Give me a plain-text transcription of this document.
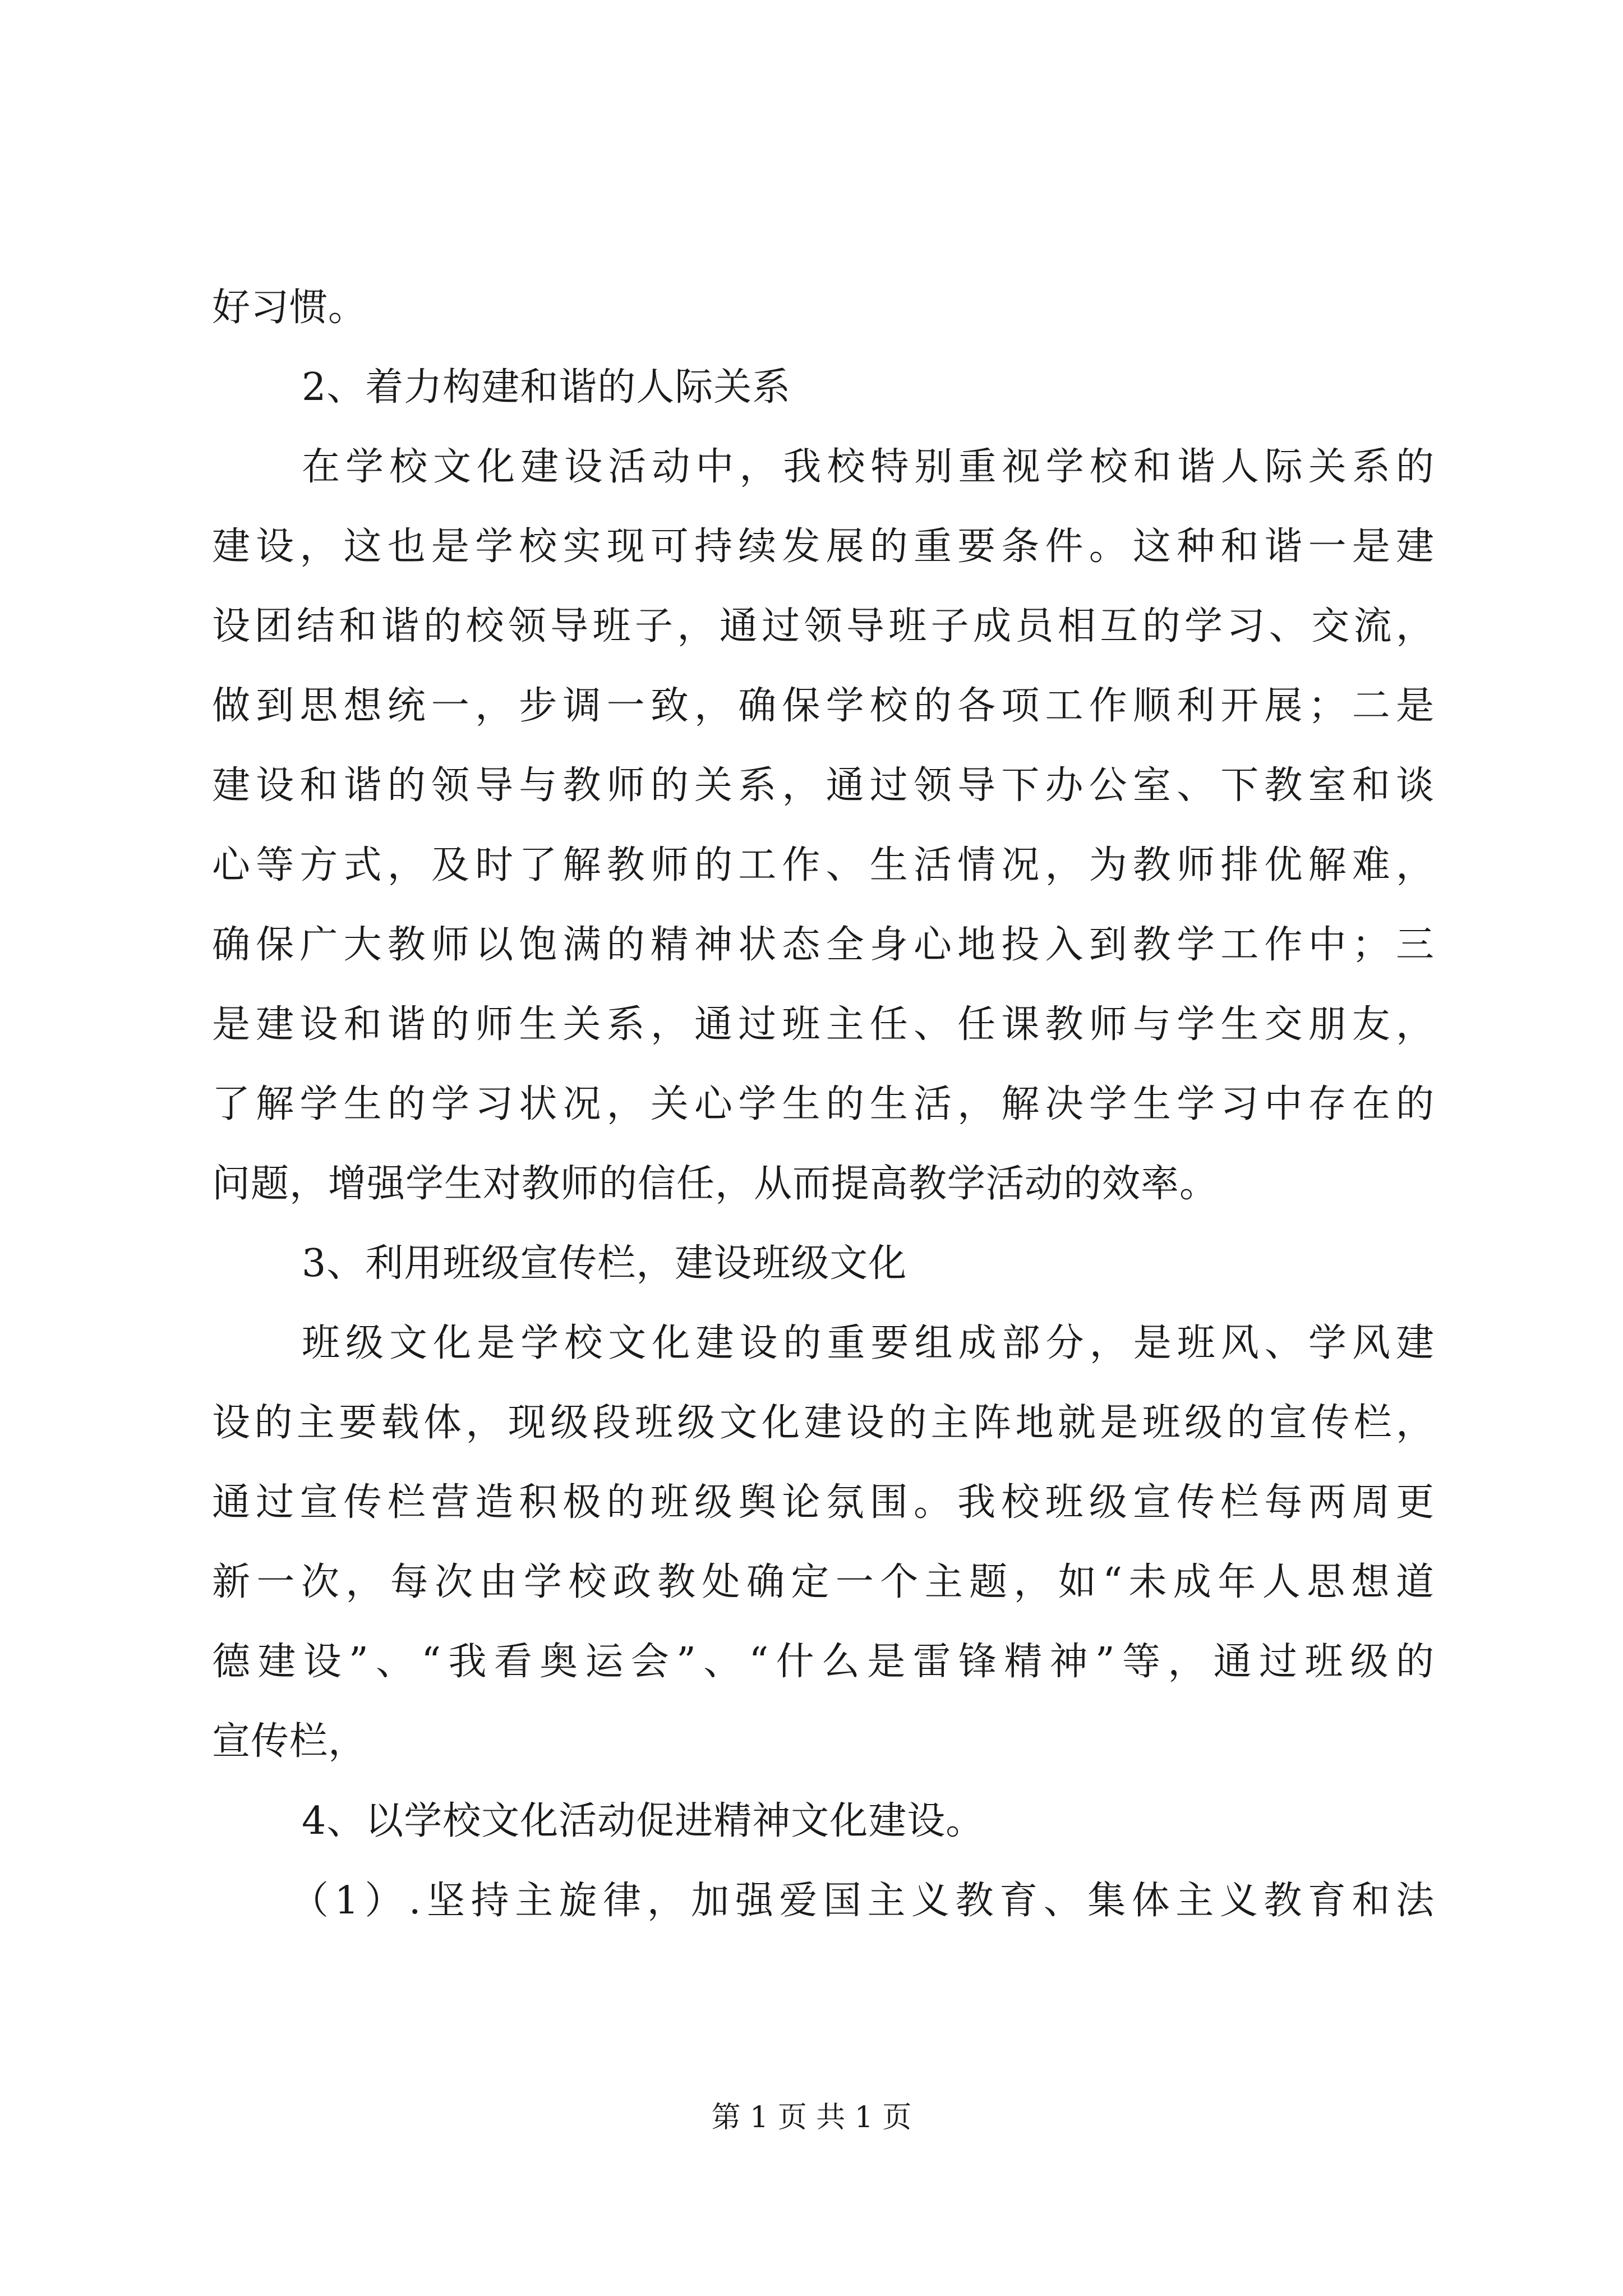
好习惯。
2、着力构建和谐的人际关系
在学校文化建设活动中，我校特别重视学校和谐人际关系的
建设，这也是学校实现可持续发展的重要条件。这种和谐一是建
设团结和谐的校领导班子，通过领导班子成员相互的学习、交流，
做到思想统一，步调一致，确保学校的各项工作顺利开展；二是
建设和谐的领导与教师的关系，通过领导下办公室、下教室和谈
心等方式，及时了解教师的工作、生活情况，为教师排优解难，
确保广大教师以饱满的精神状态全身心地投入到教学工作中；三
是建设和谐的师生关系，通过班主任、任课教师与学生交朋友，
了解学生的学习状况，关心学生的生活，解决学生学习中存在的
问题，增强学生对教师的信任，从而提高教学活动的效率。
3、利用班级宣传栏，建设班级文化
班级文化是学校文化建设的重要组成部分，是班风、学风建
设的主要载体，现级段班级文化建设的主阵地就是班级的宣传栏，
通过宣传栏营造积极的班级舆论氛围。我校班级宣传栏每两周更
新一次，每次由学校政教处确定一个主题，如“未成年人思想道
德建设”、“我看奥运会”、“什么是雷锋精神”等，通过班级的
宣传栏，
4、以学校文化活动促进精神文化建设。
（1）.坚持主旋律，加强爱国主义教育、集体主义教育和法
第 1 页 共 1 页
